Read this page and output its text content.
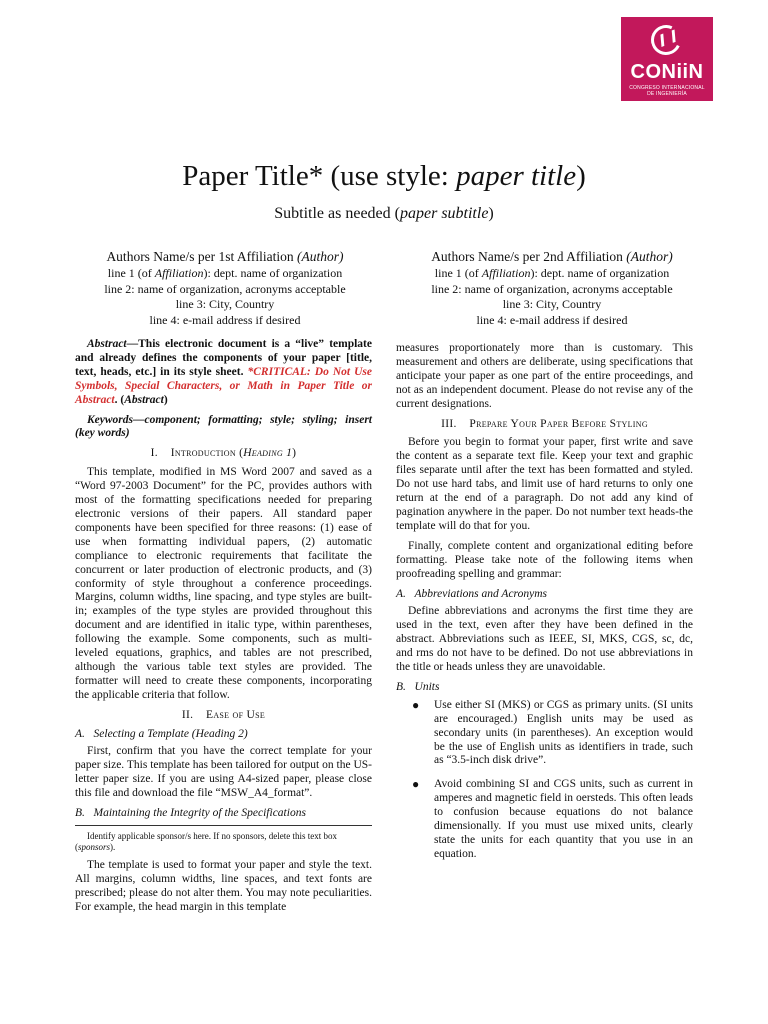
CONiiN
CONGRESO INTERNACIONAL DE INGENIERÍA
Paper Title* (use style: paper title)
Subtitle as needed (paper subtitle)
Authors Name/s per 1st Affiliation (Author)
line 1 (of Affiliation): dept. name of organization
line 2: name of organization, acronyms acceptable
line 3: City, Country
line 4: e-mail address if desired
Authors Name/s per 2nd Affiliation (Author)
line 1 (of Affiliation): dept. name of organization
line 2: name of organization, acronyms acceptable
line 3: City, Country
line 4: e-mail address if desired

Abstract—This electronic document is a “live” template and already defines the components of your paper [title, text, heads, etc.] in its style sheet. *CRITICAL: Do Not Use Symbols, Special Characters, or Math in Paper Title or Abstract. (Abstract)

Keywords—component; formatting; style; styling; insert (key words)

I. Introduction (Heading 1)

This template, modified in MS Word 2007 and saved as a “Word 97-2003 Document” for the PC, provides authors with most of the formatting specifications needed for preparing electronic versions of their papers. All standard paper components have been specified for three reasons: (1) ease of use when formatting individual papers, (2) automatic compliance to electronic requirements that facilitate the concurrent or later production of electronic products, and (3) conformity of style throughout a conference proceedings. Margins, column widths, line spacing, and type styles are built-in; examples of the type styles are provided throughout this document and are identified in italic type, within parentheses, following the example. Some components, such as multi-leveled equations, graphics, and tables are not prescribed, although the various table text styles are provided. The formatter will need to create these components, incorporating the applicable criteria that follow.

II. Ease of Use
A. Selecting a Template (Heading 2)

First, confirm that you have the correct template for your paper size. This template has been tailored for output on the US-letter paper size. If you are using A4-sized paper, please close this file and download the file “MSW_A4_format”.

B. Maintaining the Integrity of the Specifications
Identify applicable sponsor/s here. If no sponsors, delete this text box (sponsors).

The template is used to format your paper and style the text. All margins, column widths, line spaces, and text fonts are prescribed; please do not alter them. You may note peculiarities. For example, the head margin in this template

measures proportionately more than is customary. This measurement and others are deliberate, using specifications that anticipate your paper as one part of the entire proceedings, and not as an independent document. Please do not revise any of the current designations.

III. Prepare Your Paper Before Styling

Before you begin to format your paper, first write and save the content as a separate text file. Keep your text and graphic files separate until after the text has been formatted and styled. Do not use hard tabs, and limit use of hard returns to only one return at the end of a paragraph. Do not add any kind of pagination anywhere in the paper. Do not number text heads-the template will do that for you.

Finally, complete content and organizational editing before formatting. Please take note of the following items when proofreading spelling and grammar:

A. Abbreviations and Acronyms

Define abbreviations and acronyms the first time they are used in the text, even after they have been defined in the abstract. Abbreviations such as IEEE, SI, MKS, CGS, sc, dc, and rms do not have to be defined. Do not use abbreviations in the title or heads unless they are unavoidable.

B. Units
● Use either SI (MKS) or CGS as primary units. (SI units are encouraged.) English units may be used as secondary units (in parentheses). An exception would be the use of English units as identifiers in trade, such as “3.5-inch disk drive”.
● Avoid combining SI and CGS units, such as current in amperes and magnetic field in oersteds. This often leads to confusion because equations do not balance dimensionally. If you must use mixed units, clearly state the units for each quantity that you use in an equation.
